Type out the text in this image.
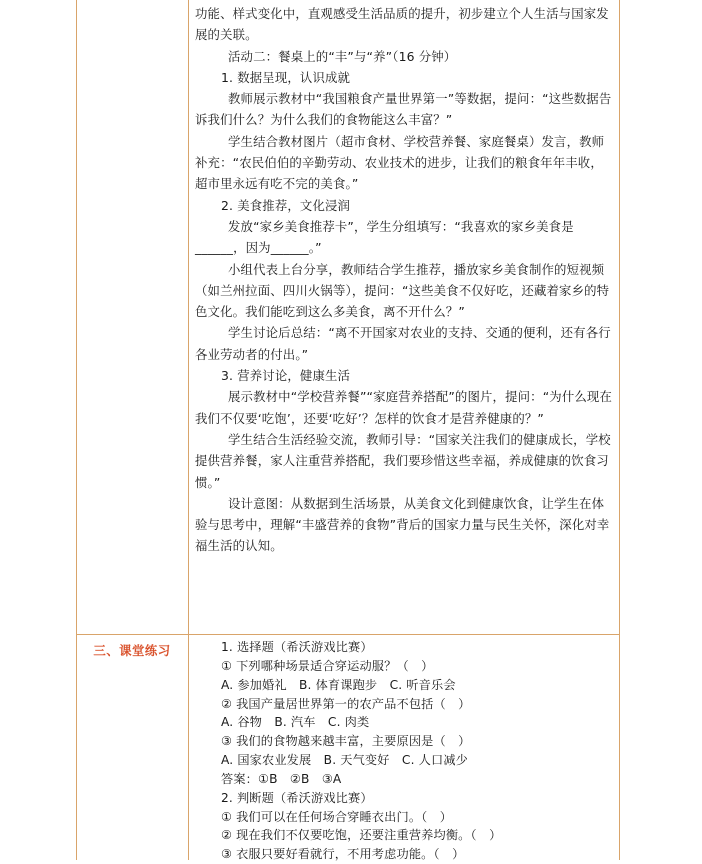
功能、样式变化中，直观感受生活品质的提升，初步建立个人生活与国家发展的关联。

活动二：餐桌上的“丰”与“养”（16 分钟）

1. 数据呈现，认识成就

教师展示教材中“我国粮食产量世界第一”等数据，提问：“这些数据告诉我们什么？为什么我们的食物能这么丰富？”

学生结合教材图片（超市食材、学校营养餐、家庭餐桌）发言，教师补充：“农民伯伯的辛勤劳动、农业技术的进步，让我们的粮食年年丰收，超市里永远有吃不完的美食。”

2. 美食推荐，文化浸润

发放“家乡美食推荐卡”，学生分组填写：“我喜欢的家乡美食是______，因为______。”

小组代表上台分享，教师结合学生推荐，播放家乡美食制作的短视频（如兰州拉面、四川火锅等），提问：“这些美食不仅好吃，还藏着家乡的特色文化。我们能吃到这么多美食，离不开什么？”

学生讨论后总结：“离不开国家对农业的支持、交通的便利，还有各行各业劳动者的付出。”

3. 营养讨论，健康生活

展示教材中“学校营养餐”“家庭营养搭配”的图片，提问：“为什么现在我们不仅要‘吃饱’，还要‘吃好’？怎样的饮食才是营养健康的？”

学生结合生活经验交流，教师引导：“国家关注我们的健康成长，学校提供营养餐，家人注重营养搭配，我们要珍惜这些幸福，养成健康的饮食习惯。”

设计意图：从数据到生活场景，从美食文化到健康饮食，让学生在体验与思考中，理解“丰盛营养的食物”背后的国家力量与民生关怀，深化对幸福生活的认知。

三、课堂练习	1. 选择题（希沃游戏比赛）

① 下列哪种场景适合穿运动服？（　）

A. 参加婚礼　B. 体育课跑步　C. 听音乐会

② 我国产量居世界第一的农产品不包括（　）

A. 谷物　B. 汽车　C. 肉类

③ 我们的食物越来越丰富，主要原因是（　）

A. 国家农业发展　B. 天气变好　C. 人口减少

答案：①B　②B　③A

2. 判断题（希沃游戏比赛）

① 我们可以在任何场合穿睡衣出门。（　）

② 现在我们不仅要吃饱，还要注重营养均衡。（　）

③ 衣服只要好看就行，不用考虑功能。（　）
